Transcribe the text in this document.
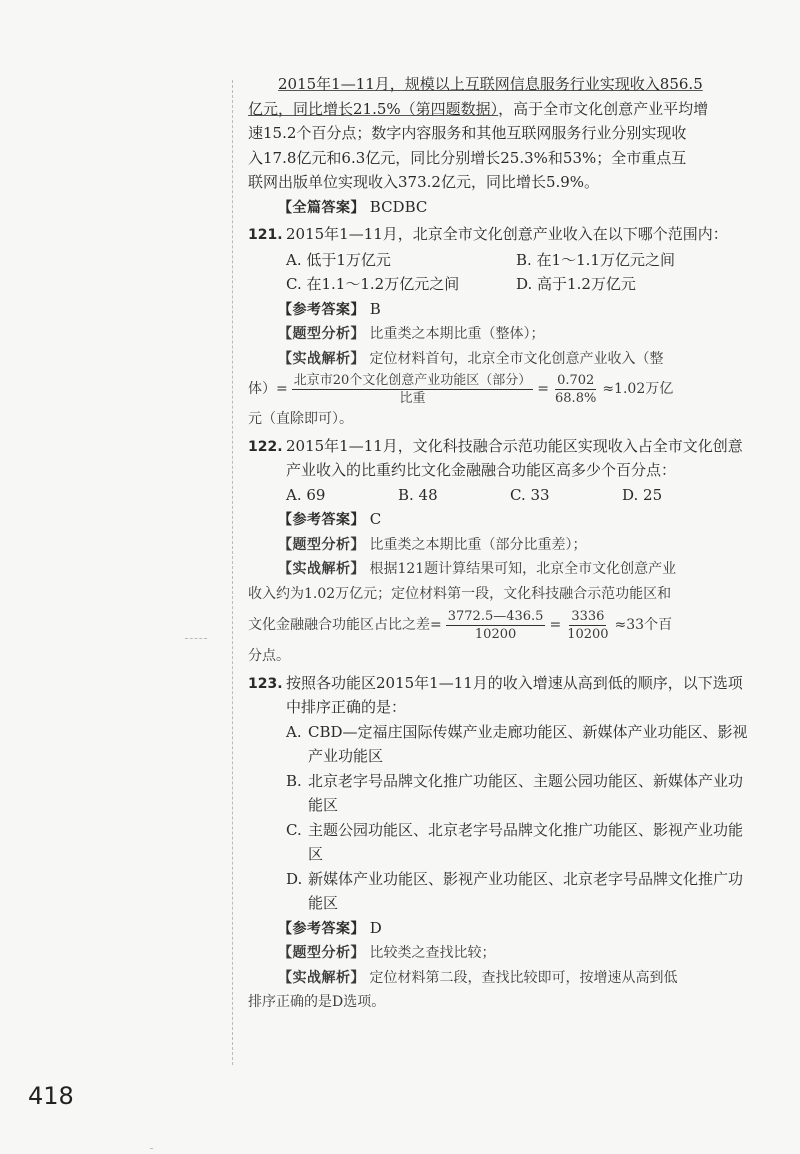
2015年1—11月，规模以上互联网信息服务行业实现收入856.5

亿元，同比增长21.5%（第四题数据），高于全市文化创意产业平均增

速15.2个百分点；数字内容服务和其他互联网服务行业分别实现收

入17.8亿元和6.3亿元，同比分别增长25.3%和53%；全市重点互

联网出版单位实现收入373.2亿元，同比增长5.9%。

【全篇答案】 BCDBC

121. 2015年1—11月，北京全市文化创意产业收入在以下哪个范围内：
A. 低于1万亿元	B. 在1～1.1万亿元之间
C. 在1.1～1.2万亿元之间	D. 高于1.2万亿元

【参考答案】 B

【题型分析】 比重类之本期比重（整体）；

【实战解析】 定位材料首句，北京全市文化创意产业收入（整

体）= $\frac{\text{北京市20个文化创意产业功能区（部分）}}{\text{比重}} = \frac{0.702}{68.8\%} \approx 1.02$万亿

元（直除即可）。

122. 2015年1—11月，文化科技融合示范功能区实现收入占全市文化创意产业收入的比重约比文化金融融合功能区高多少个百分点：
A. 69	B. 48	C. 33	D. 25

【参考答案】 C

【题型分析】 比重类之本期比重（部分比重差）；

【实战解析】 根据121题计算结果可知，北京全市文化创意产业

收入约为1.02万亿元；定位材料第一段，文化科技融合示范功能区和

文化金融融合功能区占比之差= $\frac{3772.5—436.5}{10200} = \frac{3336}{10200} \approx 33$个百

分点。

123. 按照各功能区2015年1—11月的收入增速从高到低的顺序，以下选项中排序正确的是：
A. CBD—定福庄国际传媒产业走廊功能区、新媒体产业功能区、影视产业功能区
B. 北京老字号品牌文化推广功能区、主题公园功能区、新媒体产业功能区
C. 主题公园功能区、北京老字号品牌文化推广功能区、影视产业功能区
D. 新媒体产业功能区、影视产业功能区、北京老字号品牌文化推广功能区

【参考答案】 D

【题型分析】 比较类之查找比较；

【实战解析】 定位材料第二段，查找比较即可，按增速从高到低

排序正确的是D选项。

418
